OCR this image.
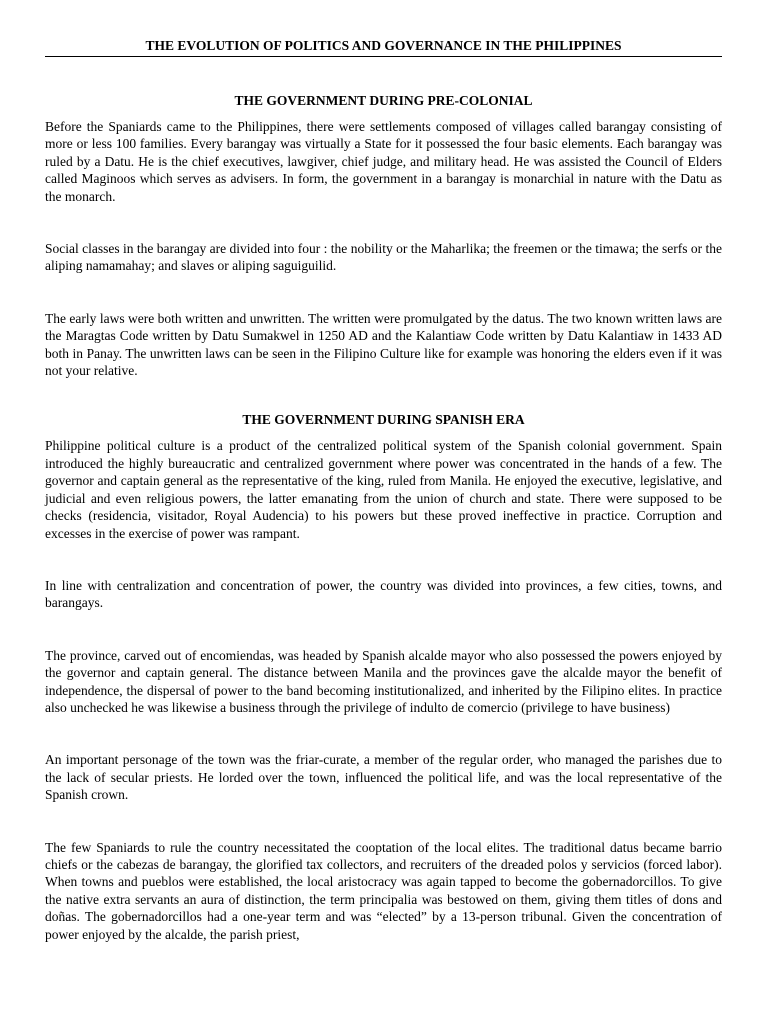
THE EVOLUTION OF POLITICS AND GOVERNANCE IN THE PHILIPPINES
THE GOVERNMENT DURING PRE-COLONIAL

Before the Spaniards came to the Philippines, there were settlements composed of villages called barangay consisting of more or less 100 families. Every barangay was virtually a State for it possessed the four basic elements. Each barangay was ruled by a Datu. He is the chief executives, lawgiver, chief judge, and military head. He was assisted the Council of Elders called Maginoos which serves as advisers. In form, the government in a barangay is monarchial in nature with the Datu as the monarch.

Social classes in the barangay are divided into four : the nobility or the Maharlika; the freemen or the timawa; the serfs or the aliping namamahay; and slaves or aliping saguiguilid.

The early laws were both written and unwritten. The written were promulgated by the datus. The two known written laws are the Maragtas Code written by Datu Sumakwel in 1250 AD and the Kalantiaw Code written by Datu Kalantiaw in 1433 AD both in Panay. The unwritten laws can be seen in the Filipino Culture like for example was honoring the elders even if it was not your relative.

THE GOVERNMENT DURING SPANISH ERA

Philippine political culture is a product of the centralized political system of the Spanish colonial government. Spain introduced the highly bureaucratic and centralized government where power was concentrated in the hands of a few. The governor and captain general as the representative of the king, ruled from Manila. He enjoyed the executive, legislative, and judicial and even religious powers, the latter emanating from the union of church and state. There were supposed to be checks (residencia, visitador, Royal Audencia) to his powers but these proved ineffective in practice. Corruption and excesses in the exercise of power was rampant.

In line with centralization and concentration of power, the country was divided into provinces, a few cities, towns, and barangays.

The province, carved out of encomiendas, was headed by Spanish alcalde mayor who also possessed the powers enjoyed by the governor and captain general. The distance between Manila and the provinces gave the alcalde mayor the benefit of independence, the dispersal of power to the band becoming institutionalized, and inherited by the Filipino elites. In practice also unchecked he was likewise a business through the privilege of indulto de comercio (privilege to have business)

An important personage of the town was the friar-curate, a member of the regular order, who managed the parishes due to the lack of secular priests. He lorded over the town, influenced the political life, and was the local representative of the Spanish crown.

The few Spaniards to rule the country necessitated the cooptation of the local elites. The traditional datus became barrio chiefs or the cabezas de barangay, the glorified tax collectors, and recruiters of the dreaded polos y servicios (forced labor). When towns and pueblos were established, the local aristocracy was again tapped to become the gobernadorcillos. To give the native extra servants an aura of distinction, the term principalia was bestowed on them, giving them titles of dons and doñas. The gobernadorcillos had a one-year term and was “elected” by a 13-person tribunal. Given the concentration of power enjoyed by the alcalde, the parish priest,
